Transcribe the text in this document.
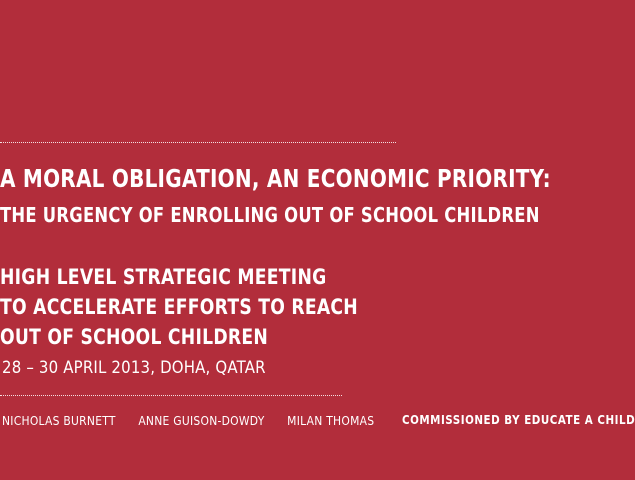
A MORAL OBLIGATION, AN ECONOMIC PRIORITY:
THE URGENCY OF ENROLLING OUT OF SCHOOL CHILDREN
HIGH LEVEL STRATEGIC MEETING
TO ACCELERATE EFFORTS TO REACH
OUT OF SCHOOL CHILDREN
28 – 30 APRIL 2013, DOHA, QATAR
NICHOLAS BURNETT ANNE GUISON-DOWDY MILAN THOMAS	COMMISSIONED BY EDUCATE A CHILD
